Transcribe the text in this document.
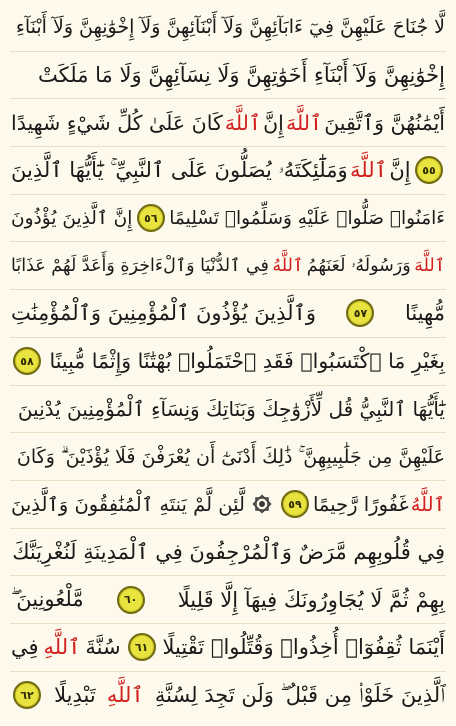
لَّا جُنَاحَ عَلَيْهِنَّ فِيٓ ءَابَآئِهِنَّ وَلَآ أَبْنَآئِهِنَّ وَلَآ إِخْوَٰنِهِنَّ وَلَآ أَبْنَآءِ
إِخْوَٰنِهِنَّ وَلَآ أَبْنَآءِ أَخَوَٰتِهِنَّ وَلَا نِسَآئِهِنَّ وَلَا مَا مَلَكَتْ
أَيْمَٰنُهُنَّ وَٱتَّقِينَ
ٱللَّهَ
إِنَّ
ٱللَّهَ
كَانَ عَلَىٰ كُلِّ شَيْءٍ شَهِيدًا
٥٥
إِنَّ
ٱللَّهَ
وَمَلَٰٓئِكَتَهُۥ يُصَلُّونَ عَلَى ٱلنَّبِيِّ ۚ يَٰٓأَيُّهَا ٱلَّذِينَ
ءَامَنُوا۟ صَلُّوا۟ عَلَيْهِ وَسَلِّمُوا۟ تَسْلِيمًا
٥٦
إِنَّ ٱلَّذِينَ يُؤْذُونَ
ٱللَّهَ
وَرَسُولَهُۥ لَعَنَهُمُ
ٱللَّهُ
فِي ٱلدُّنْيَا وَٱلْءَاخِرَةِ وَأَعَدَّ لَهُمْ عَذَابًا
مُّهِينًا
٥٧
وَٱلَّذِينَ يُؤْذُونَ ٱلْمُؤْمِنِينَ وَٱلْمُؤْمِنَٰتِ
بِغَيْرِ مَا ٱكْتَسَبُوا۟ فَقَدِ ٱحْتَمَلُوا۟ بُهْتَٰنًا وَإِثْمًا مُّبِينًا
٥٨
يَٰٓأَيُّهَا ٱلنَّبِيُّ قُل لِّأَزْوَٰجِكَ وَبَنَاتِكَ وَنِسَآءِ ٱلْمُؤْمِنِينَ يُدْنِينَ
عَلَيْهِنَّ مِن جَلَٰبِيبِهِنَّ ۚ ذَٰلِكَ أَدْنَىٰٓ أَن يُعْرَفْنَ فَلَا يُؤْذَيْنَ ۗ وَكَانَ
ٱللَّهُ
غَفُورًا رَّحِيمًا
٥٩
لَّئِن لَّمْ يَنتَهِ ٱلْمُنَٰفِقُونَ وَٱلَّذِينَ
فِي قُلُوبِهِم مَّرَضٌ وَٱلْمُرْجِفُونَ فِي ٱلْمَدِينَةِ لَنُغْرِيَنَّكَ
بِهِمْ ثُمَّ لَا يُجَاوِرُونَكَ فِيهَآ إِلَّا قَلِيلًا
٦٠
مَّلْعُونِينَ ۖ
أَيْنَمَا ثُقِفُوٓا۟ أُخِذُوا۟ وَقُتِّلُوا۟ تَقْتِيلًا
٦١
سُنَّةَ
ٱللَّهِ
فِي
ٱلَّذِينَ خَلَوْا۟ مِن قَبْلُ ۖ وَلَن تَجِدَ لِسُنَّةِ
ٱللَّهِ
تَبْدِيلًا
٦٢
